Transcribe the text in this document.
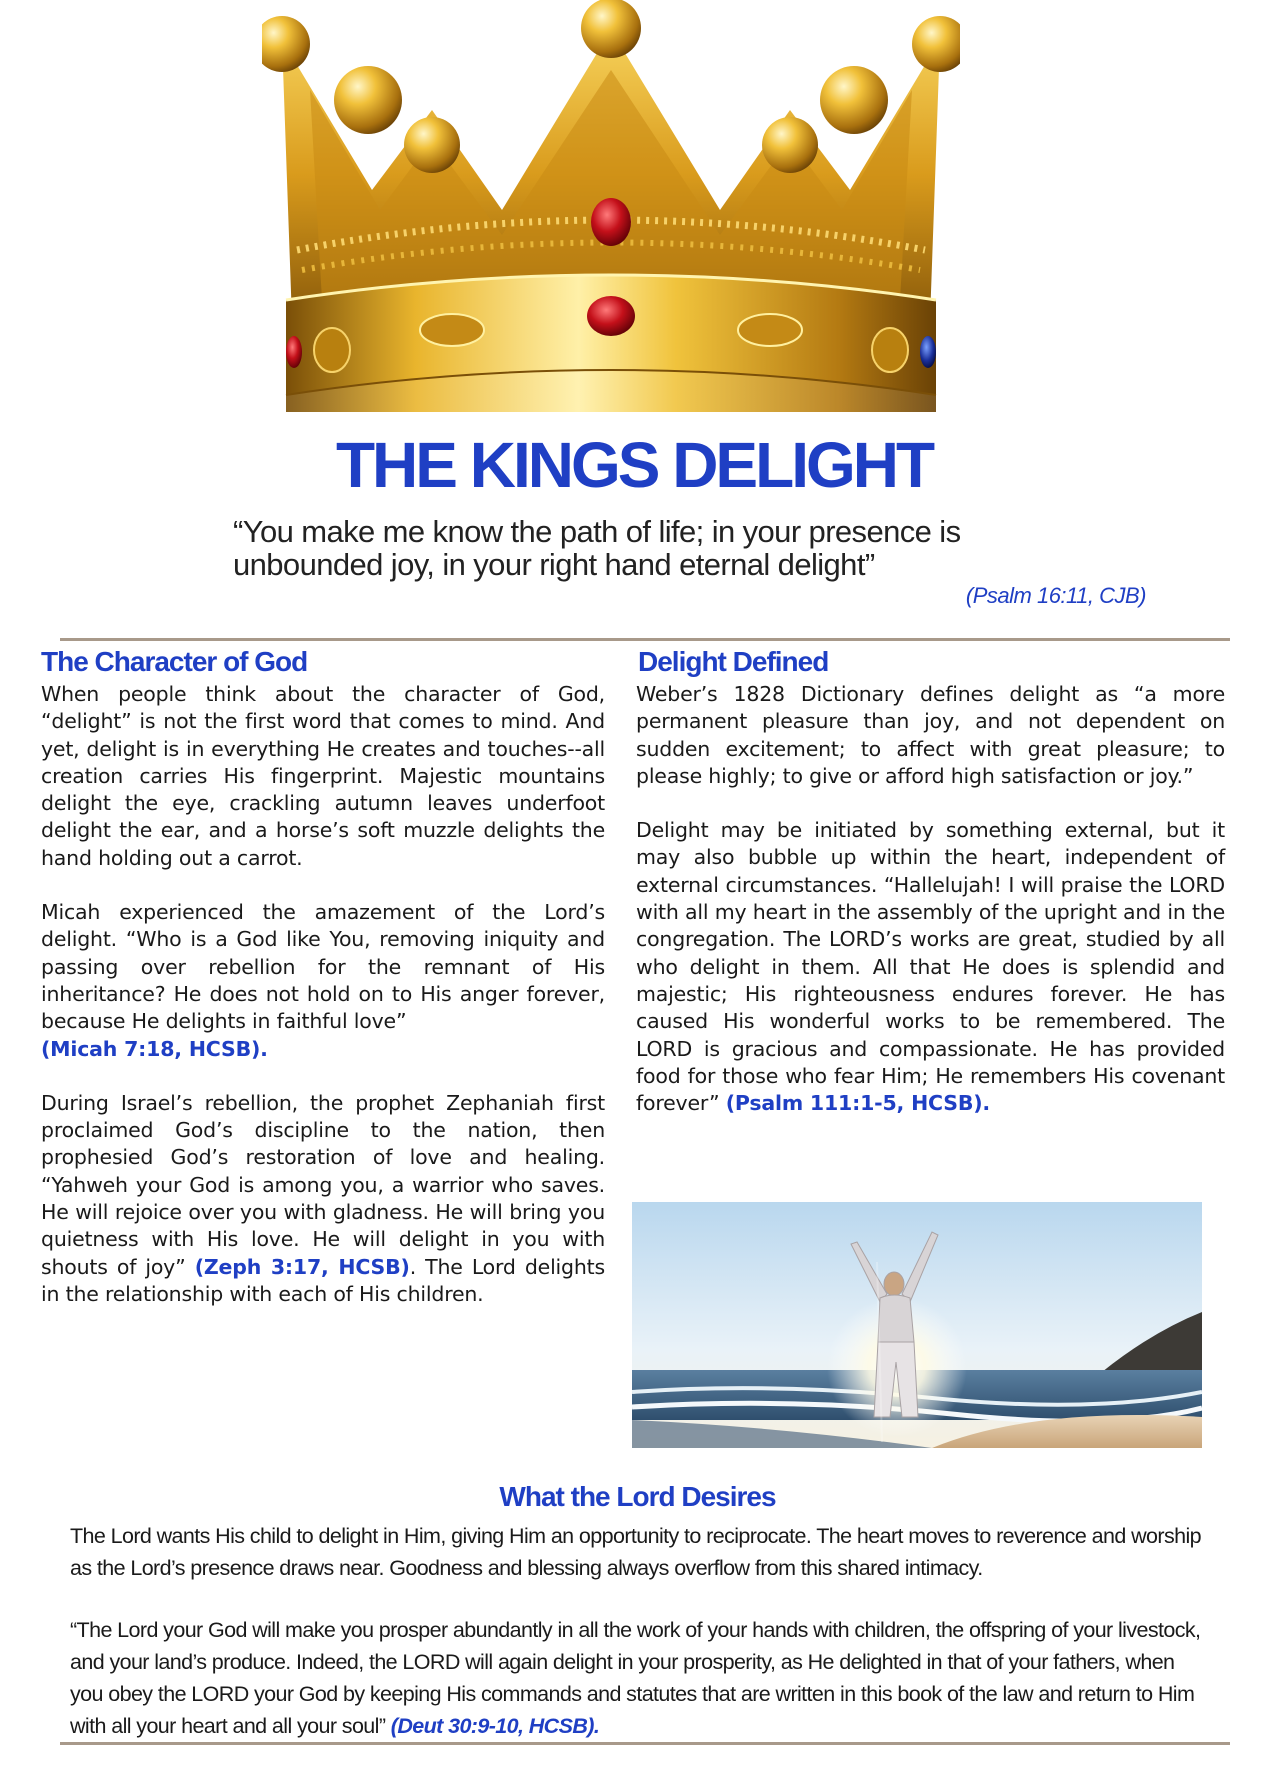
THE KINGS DELIGHT
“You make me know the path of life; in your presence is
unbounded joy, in your right hand eternal delight”
(Psalm 16:11, CJB)
The Character of God

When people think about the character of God, “delight” is not the first word that comes to mind. And yet, delight is in everything He creates and touches--all creation carries His fingerprint. Majestic mountains delight the eye, crackling autumn leaves underfoot delight the ear, and a horse’s soft muzzle delights the hand holding out a carrot.

Micah experienced the amazement of the Lord’s delight. “Who is a God like You, removing iniquity and passing over rebellion for the remnant of His inheritance? He does not hold on to His anger forever, because He delights in faithful love”
(Micah 7:18, HCSB).

During Israel’s rebellion, the prophet Zephaniah first proclaimed God’s discipline to the nation, then prophesied God’s restoration of love and healing. “Yahweh your God is among you, a warrior who saves. He will rejoice over you with gladness. He will bring you quietness with His love. He will delight in you with shouts of joy” (Zeph 3:17, HCSB). The Lord delights in the relationship with each of His children.

Delight Defined

Weber’s 1828 Dictionary defines delight as “a more permanent pleasure than joy, and not dependent on sudden excitement; to affect with great pleasure; to please highly; to give or afford high satisfaction or joy.”

Delight may be initiated by something external, but it may also bubble up within the heart, independent of external circumstances. “Hallelujah! I will praise the LORD with all my heart in the assembly of the upright and in the congregation. The LORD’s works are great, studied by all who delight in them. All that He does is splendid and majestic; His righteousness endures forever. He has caused His wonderful works to be remembered. The LORD is gracious and compassionate. He has provided food for those who fear Him; He remembers His covenant forever” (Psalm 111:1-5, HCSB).

What the Lord Desires

The Lord wants His child to delight in Him, giving Him an opportunity to reciprocate. The heart moves to reverence and worship as the Lord’s presence draws near. Goodness and blessing always overflow from this shared intimacy.

“The Lord your God will make you prosper abundantly in all the work of your hands with children, the offspring of your livestock, and your land’s produce. Indeed, the LORD will again delight in your prosperity, as He delighted in that of your fathers, when you obey the LORD your God by keeping His commands and statutes that are written in this book of the law and return to Him with all your heart and all your soul” (Deut 30:9-10, HCSB).
